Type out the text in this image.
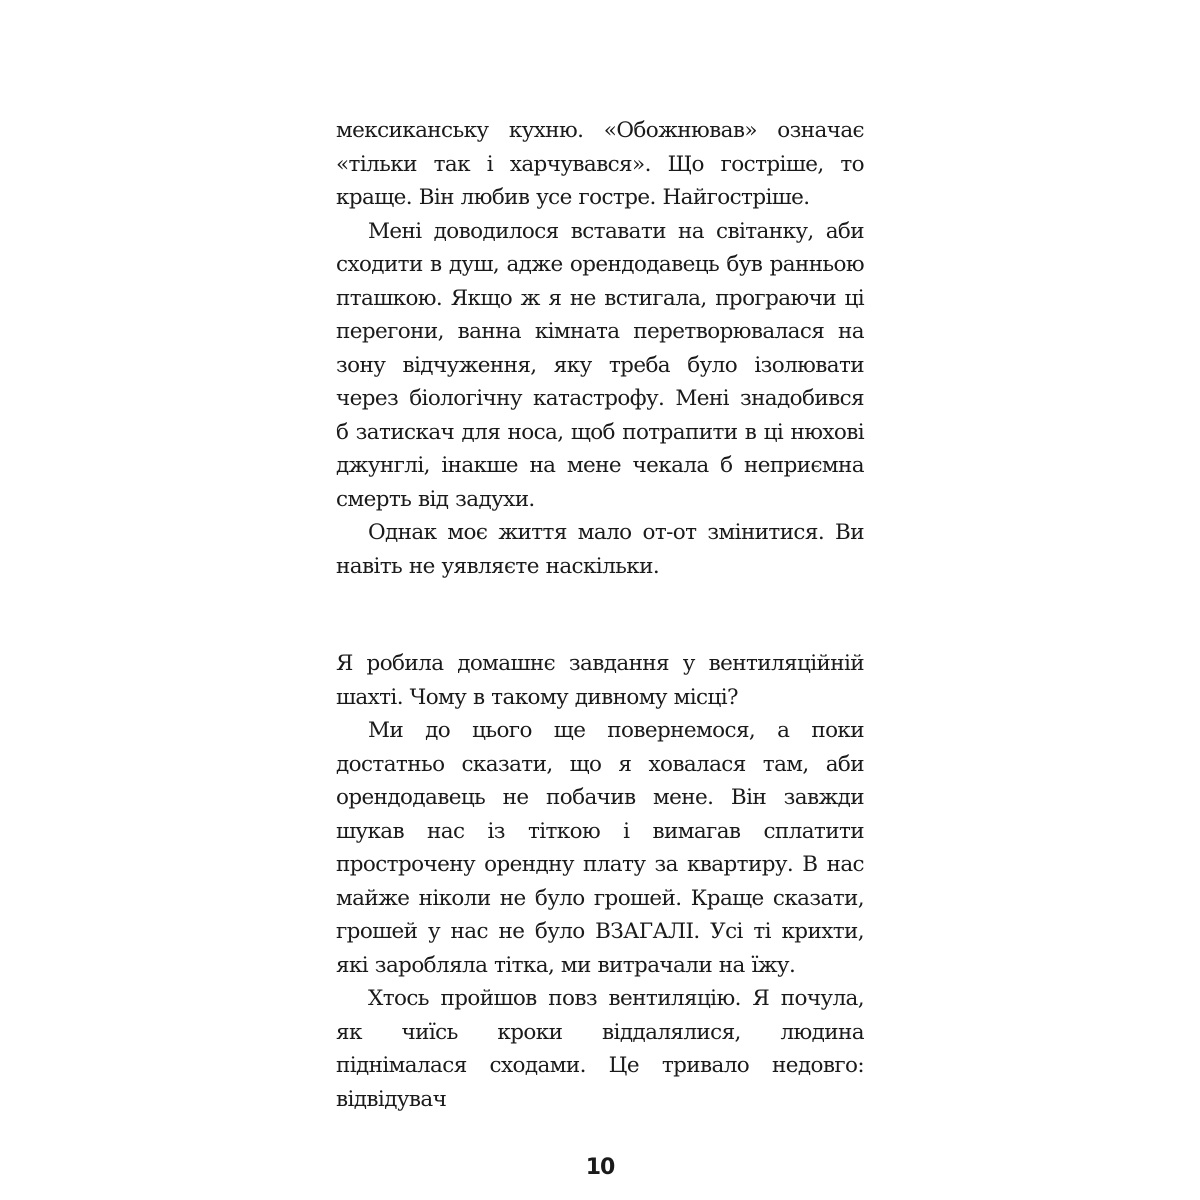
мексиканську кухню. «Обожнював» означає «тільки так і харчувався». Що гостріше, то краще. Він любив усе гостре. Найгостріше.

Мені доводилося вставати на світанку, аби сходити в душ, адже орендодавець був ранньою пташкою. Якщо ж я не встигала, програючи ці перегони, ванна кімната перетворювалася на зону відчуження, яку треба було ізолювати через біологічну катастрофу. Мені знадобився б затискач для носа, щоб потрапити в ці нюхові джунглі, інакше на мене чекала б неприємна смерть від задухи.

Однак моє життя мало от-от змінитися. Ви навіть не уявляєте наскільки.

Я робила домашнє завдання у вентиляційній шахті. Чому в такому дивному місці?

Ми до цього ще повернемося, а поки достатньо сказати, що я ховалася там, аби орендодавець не побачив мене. Він завжди шукав нас із тіткою і вимагав сплатити прострочену орендну плату за квартиру. В нас майже ніколи не було грошей. Краще сказати, грошей у нас не було ВЗАГАЛІ. Усі ті крихти, які заробляла тітка, ми витрачали на їжу.

Хтось пройшов повз вентиляцію. Я почула, як чиїсь кроки віддалялися, людина піднімалася сходами. Це тривало недовго: відвідувач

10
